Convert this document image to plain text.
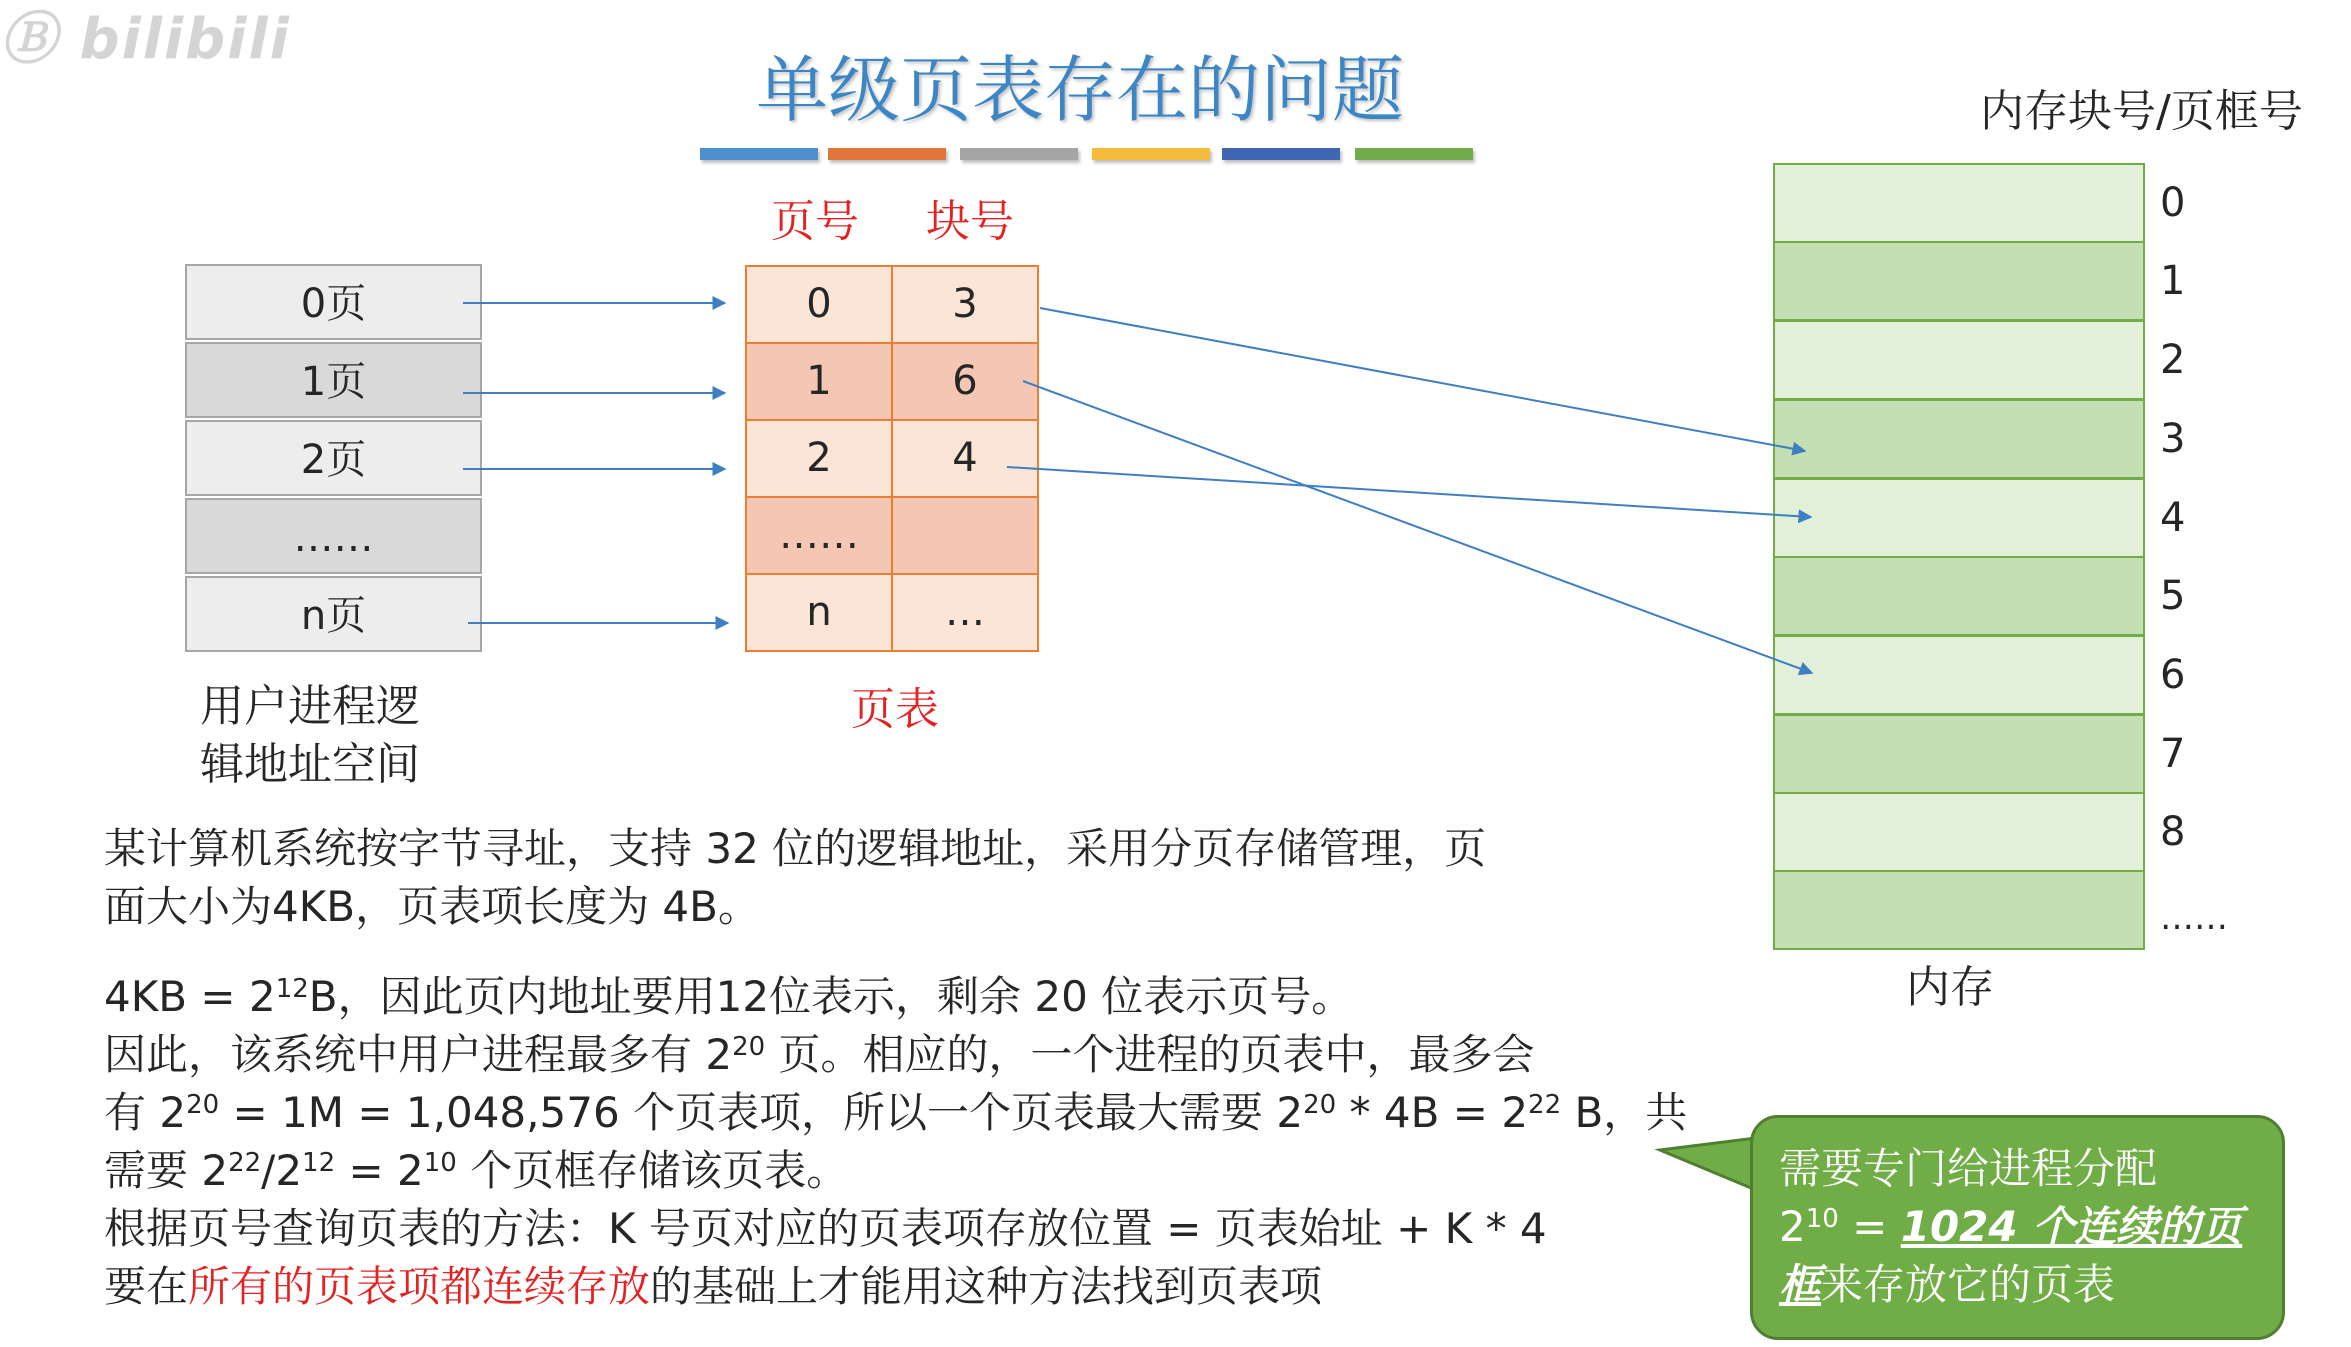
Ⓑ bilibili
单级页表存在的问题
0页
1页
2页
……
n页
用户进程逻
辑地址空间
页号	块号
0	3
1	6
2	4
……
n	…
页表
内存块号/页框号
0
1
2
3
4
5
6
7
8
……
内存
某计算机系统按字节寻址，支持 32 位的逻辑地址，采用分页存储管理，页
面大小为4KB，页表项长度为 4B。
$4KB = 2^{12}B$，因此页内地址要用12位表示，剩余 20 位表示页号。
因此，该系统中用户进程最多有 $2^{20}$ 页。相应的，一个进程的页表中，最多会
有 $2^{20} = 1M = 1,048,576$ 个页表项，所以一个页表最大需要 $2^{20} * 4B = 2^{22}$ B，共
需要 $2^{22}/2^{12} = 2^{10}$ 个页框存储该页表。
根据页号查询页表的方法：K 号页对应的页表项存放位置 = 页表始址 + K * 4
要在所有的页表项都连续存放的基础上才能用这种方法找到页表项
需要专门给进程分配
$2^{10} = 1024$ 个连续的页
框来存放它的页表
